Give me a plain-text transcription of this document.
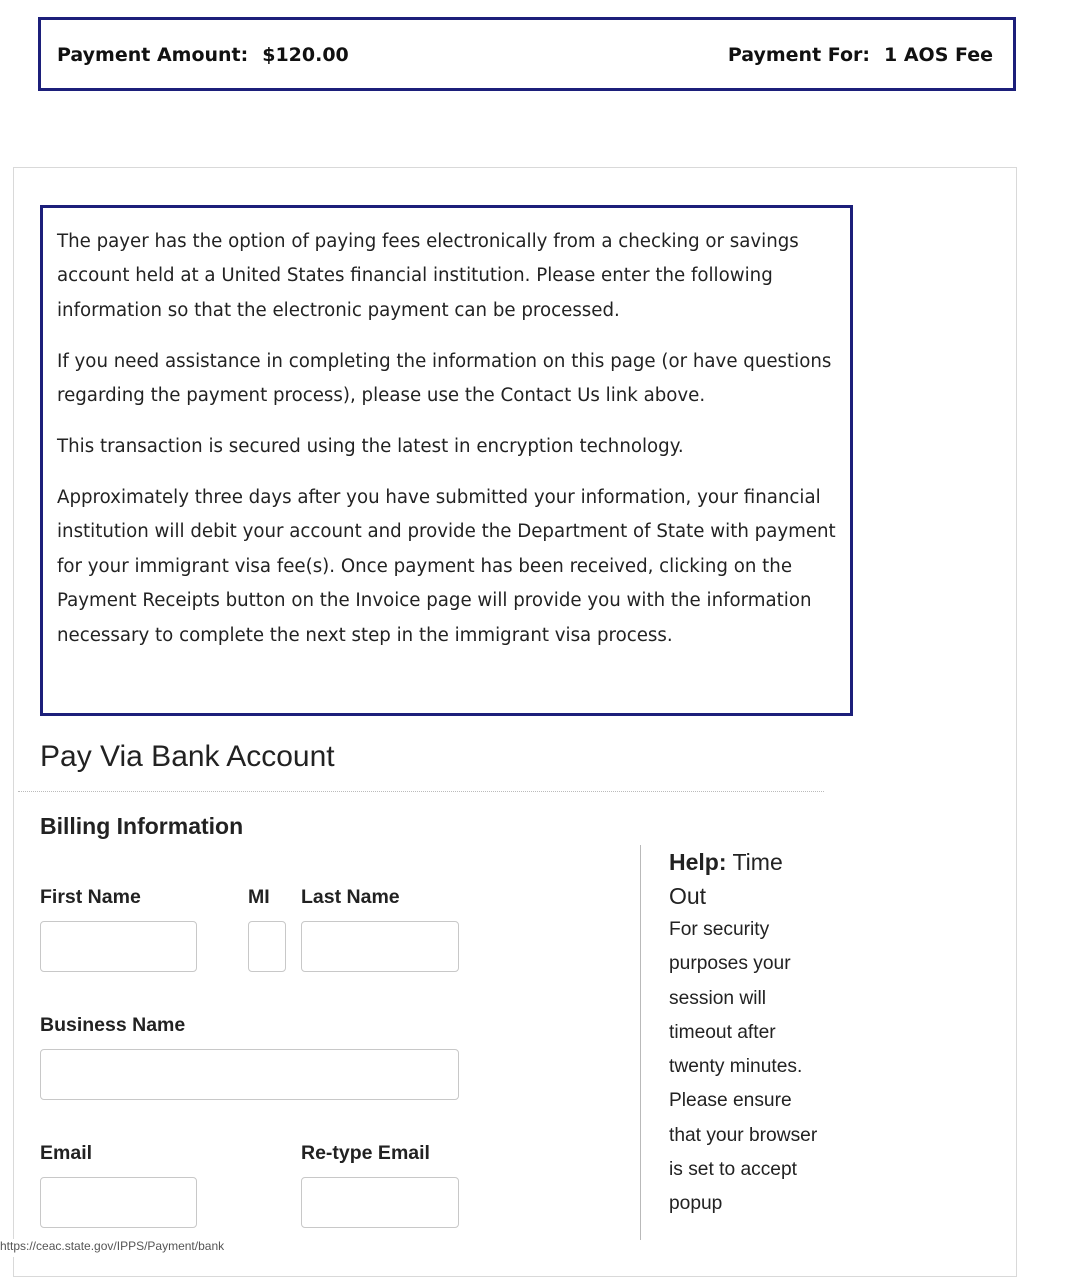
Payment Amount: $120.00	Payment For: 1 AOS Fee

The payer has the option of paying fees electronically from a checking or savings account held at a United States financial institution. Please enter the following information so that the electronic payment can be processed.

If you need assistance in completing the information on this page (or have questions regarding the payment process), please use the Contact Us link above.

This transaction is secured using the latest in encryption technology.

Approximately three days after you have submitted your information, your financial institution will debit your account and provide the Department of State with payment for your immigrant visa fee(s). Once payment has been received, clicking on the Payment Receipts button on the Invoice page will provide you with the information necessary to complete the next step in the immigrant visa process.

Pay Via Bank Account
Billing Information
First Name	MI Last Name
Business Name
Email	Re-type Email
Help: Time Out
For security purposes your session will timeout after twenty minutes. Please ensure that your browser is set to accept popup
https://ceac.state.gov/IPPS/Payment/bank
